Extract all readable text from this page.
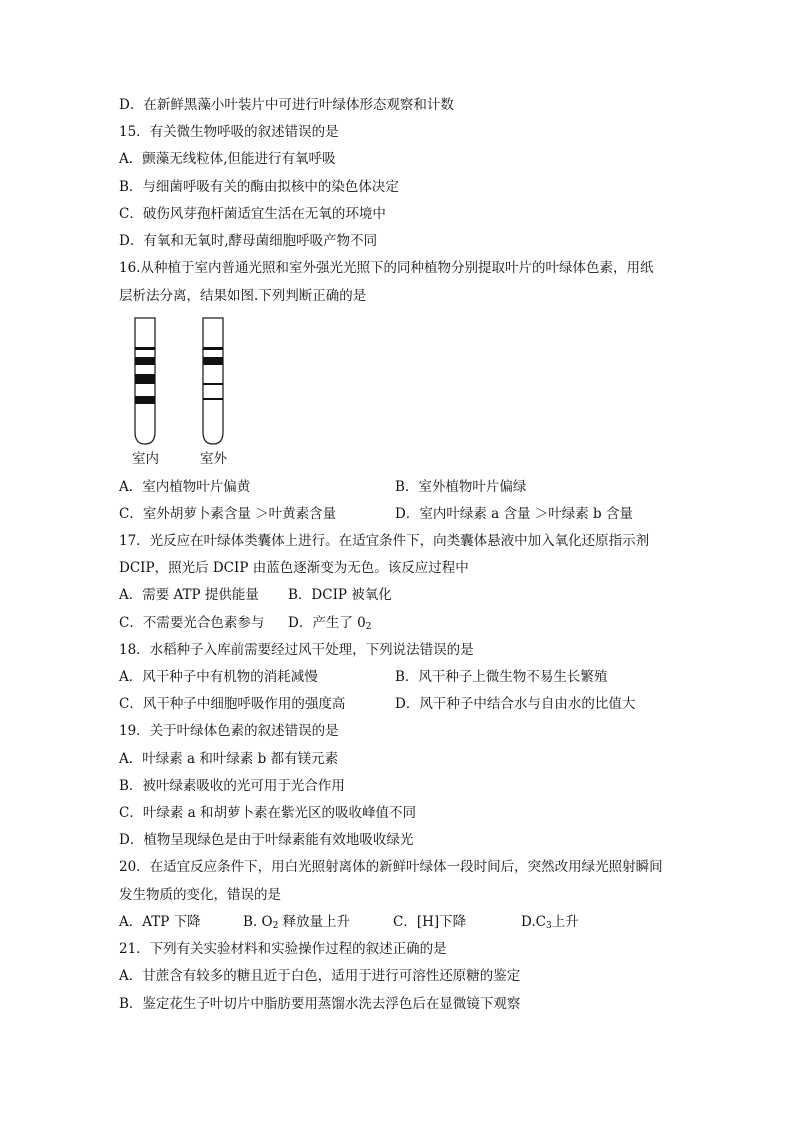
D．在新鲜黑藻小叶装片中可进行叶绿体形态观察和计数
15．有关微生物呼吸的叙述错误的是
A．颤藻无线粒体,但能进行有氧呼吸
B．与细菌呼吸有关的酶由拟核中的染色体决定
C．破伤风芽孢杆菌适宜生活在无氧的环境中
D．有氧和无氧时,酵母菌细胞呼吸产物不同
16.从种植于室内普通光照和室外强光光照下的同种植物分别提取叶片的叶绿体色素，用纸
层析法分离，结果如图.下列判断正确的是
室内	室外
A．室内植物叶片偏黄	B．室外植物叶片偏绿
C．室外胡萝卜素含量 ＞叶黄素含量	D．室内叶绿素 a 含量 ＞叶绿素 b 含量
17．光反应在叶绿体类囊体上进行。在适宜条件下，向类囊体悬液中加入氧化还原指示剂
DCIP，照光后 DCIP 由蓝色逐渐变为无色。该反应过程中
A．需要 ATP 提供能量 B．DCIP 被氧化
C．不需要光合色素参与 D．产生了 $0_2$
18．水稻种子入库前需要经过风干处理，下列说法错误的是
A．风干种子中有机物的消耗减慢	B．风干种子上微生物不易生长繁殖
C．风干种子中细胞呼吸作用的强度高	D．风干种子中结合水与自由水的比值大
19．关于叶绿体色素的叙述错误的是
A．叶绿素 a 和叶绿素 b 都有镁元素
B．被叶绿素吸收的光可用于光合作用
C．叶绿素 a 和胡萝卜素在紫光区的吸收峰值不同
D．植物呈现绿色是由于叶绿素能有效地吸收绿光
20．在适宜反应条件下，用白光照射离体的新鲜叶绿体一段时间后，突然改用绿光照射瞬间
发生物质的变化，错误的是
A．ATP 下降	B. $O_2$ 释放量上升	C．[H]下降	$D.C_3$上升
21．下列有关实验材料和实验操作过程的叙述正确的是
A．甘蔗含有较多的糖且近于白色，适用于进行可溶性还原糖的鉴定
B．鉴定花生子叶切片中脂肪要用蒸馏水洗去浮色后在显微镜下观察
